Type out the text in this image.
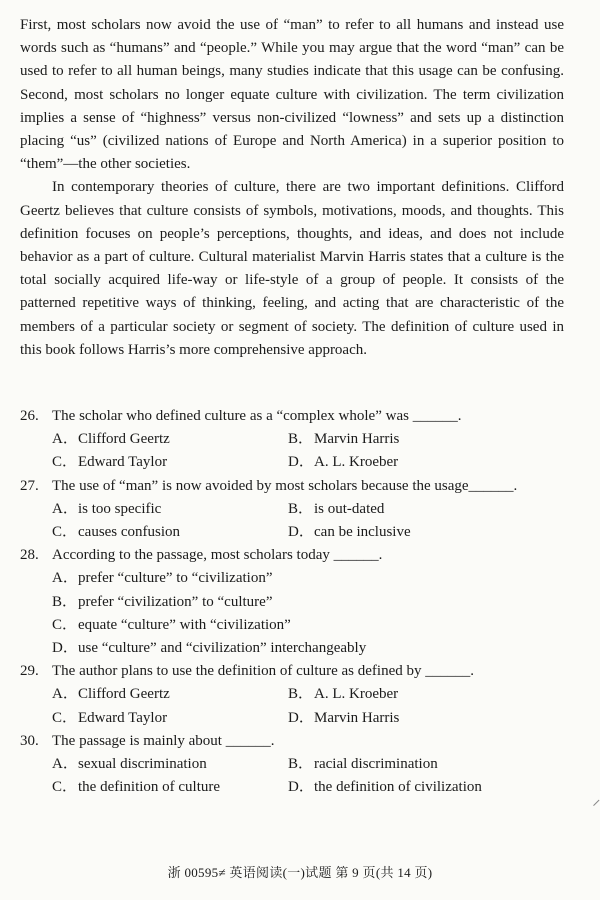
First, most scholars now avoid the use of “man” to refer to all humans and instead use words such as “humans” and “people.” While you may argue that the word “man” can be used to refer to all human beings, many studies indicate that this usage can be confusing. Second, most scholars no longer equate culture with civilization. The term civilization implies a sense of “highness” versus non-civilized “lowness” and sets up a distinction placing “us” (civilized nations of Europe and North America) in a superior position to “them”—the other societies.

In contemporary theories of culture, there are two important definitions. Clifford Geertz believes that culture consists of symbols, motivations, moods, and thoughts. This definition focuses on people’s perceptions, thoughts, and ideas, and does not include behavior as a part of culture. Cultural materialist Marvin Harris states that a culture is the total socially acquired life-way or life-style of a group of people. It consists of the patterned repetitive ways of thinking, feeling, and acting that are characteristic of the members of a particular society or segment of society. The definition of culture used in this book follows Harris’s more comprehensive approach.

26. The scholar who defined culture as a “complex whole” was ______.
A． Clifford Geertz	B． Marvin Harris
C． Edward Taylor	D． A. L. Kroeber
27. The use of “man” is now avoided by most scholars because the usage______.
A． is too specific	B． is out-dated
C． causes confusion	D． can be inclusive
28. According to the passage, most scholars today ______.
A． prefer “culture” to “civilization”
B． prefer “civilization” to “culture”
C． equate “culture” with “civilization”
D． use “culture” and “civilization” interchangeably
29. The author plans to use the definition of culture as defined by ______.
A． Clifford Geertz	B． A. L. Kroeber
C． Edward Taylor	D． Marvin Harris
30. The passage is mainly about ______.
A． sexual discrimination	B． racial discrimination
C． the definition of culture	D． the definition of civilization
浙 00595≠ 英语阅读(一)试题 第 9 页(共 14 页)
